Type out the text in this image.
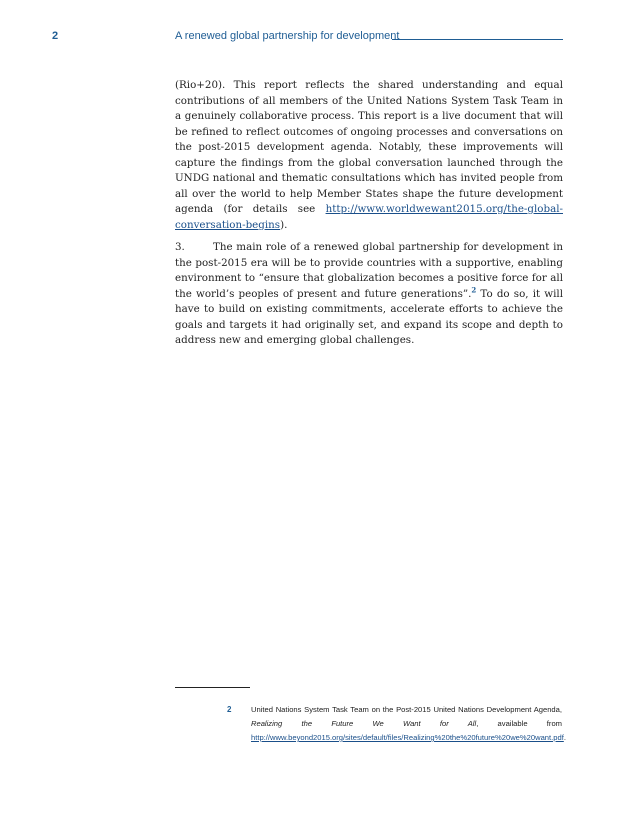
2	A renewed global partnership for development

(Rio+20). This report reflects the shared understanding and equal contributions of all members of the United Nations System Task Team in a genuinely collaborative process. This report is a live document that will be refined to reflect outcomes of ongoing processes and conversations on the post-2015 development agenda. Notably, these improvements will capture the findings from the global conversation launched through the UNDG national and thematic consultations which has invited people from all over the world to help Member States shape the future development agenda (for details see http://www.worldwewant2015.org/the-global-conversation-begins).

3.	The main role of a renewed global partnership for development in the post-2015 era will be to provide countries with a supportive, enabling environment to “ensure that globalization becomes a positive force for all the world’s peoples of present and future generations”.$^2$ To do so, it will have to build on existing commitments, accelerate efforts to achieve the goals and targets it had originally set, and expand its scope and depth to address new and emerging global challenges.

2	United Nations System Task Team on the Post-2015 United Nations Development Agenda, Realizing the Future We Want for All, available from http://www.beyond2015.org/sites/default/files/Realizing%20the%20future%20we%20want.pdf.
